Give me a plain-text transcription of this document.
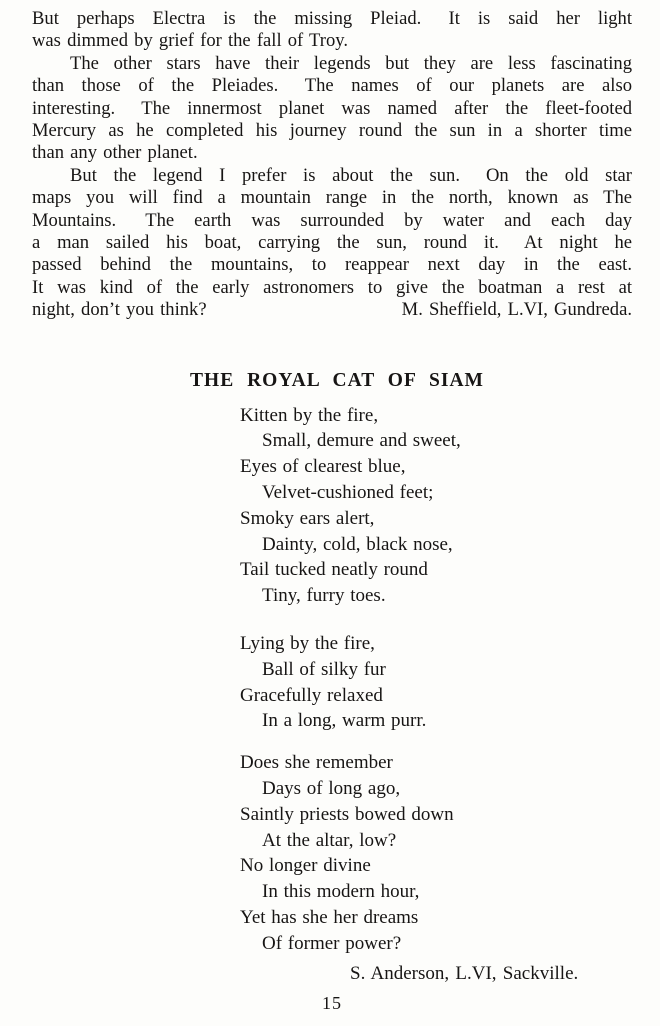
But perhaps Electra is the missing Pleiad.  It is said her light
was dimmed by grief for the fall of Troy.
The other stars have their legends but they are less fascinating
than those of the Pleiades.  The names of our planets are also
interesting.  The innermost planet was named after the fleet-footed
Mercury as he completed his journey round the sun in a shorter time
than any other planet.
But the legend I prefer is about the sun.  On the old star
maps you will find a mountain range in the north, known as The
Mountains.  The earth was surrounded by water and each day
a man sailed his boat, carrying the sun, round it.  At night he
passed behind the mountains, to reappear next day in the east.
It was kind of the early astronomers to give the boatman a rest at
night, don’t you think?	M. Sheffield, L.VI, Gundreda.
THE ROYAL CAT OF SIAM
Kitten by the fire,
Small, demure and sweet,
Eyes of clearest blue,
Velvet-cushioned feet;
Smoky ears alert,
Dainty, cold, black nose,
Tail tucked neatly round
Tiny, furry toes.
Lying by the fire,
Ball of silky fur
Gracefully relaxed
In a long, warm purr.
Does she remember
Days of long ago,
Saintly priests bowed down
At the altar, low?
No longer divine
In this modern hour,
Yet has she her dreams
Of former power?
S. Anderson, L.VI, Sackville.
15
